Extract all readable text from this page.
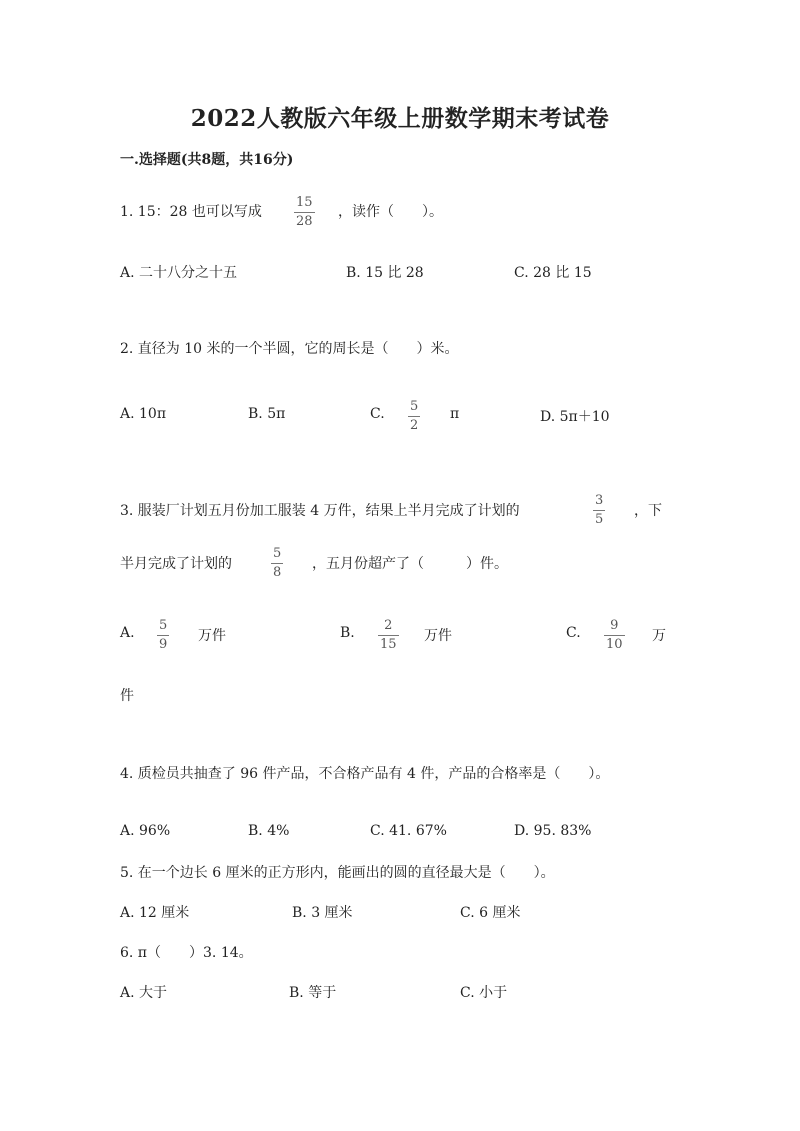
2022人教版六年级上册数学期末考试卷
一.选择题(共8题，共16分)
1. 15：28 也可以写成
15
28
，读作（　　）。
A. 二十八分之十五	B. 15 比 28	C. 28 比 15
2. 直径为 10 米的一个半圆，它的周长是（　　）米。
A. 10π	B. 5π	C. 5
2
π	D. 5π＋10
3. 服装厂计划五月份加工服装 4 万件，结果上半月完成了计划的
3
5
，下
半月完成了计划的
5
8
，五月份超产了（　　　）件。
A. 5
9
万件	B. 2
15
万件	C. 9
10
万
件
4. 质检员共抽查了 96 件产品，不合格产品有 4 件，产品的合格率是（　　）。
A. 96%	B. 4%	C. 41. 67%	D. 95. 83%
5. 在一个边长 6 厘米的正方形内，能画出的圆的直径最大是（　　）。
A. 12 厘米	B. 3 厘米	C. 6 厘米
6. π（　　）3. 14。
A. 大于	B. 等于	C. 小于
